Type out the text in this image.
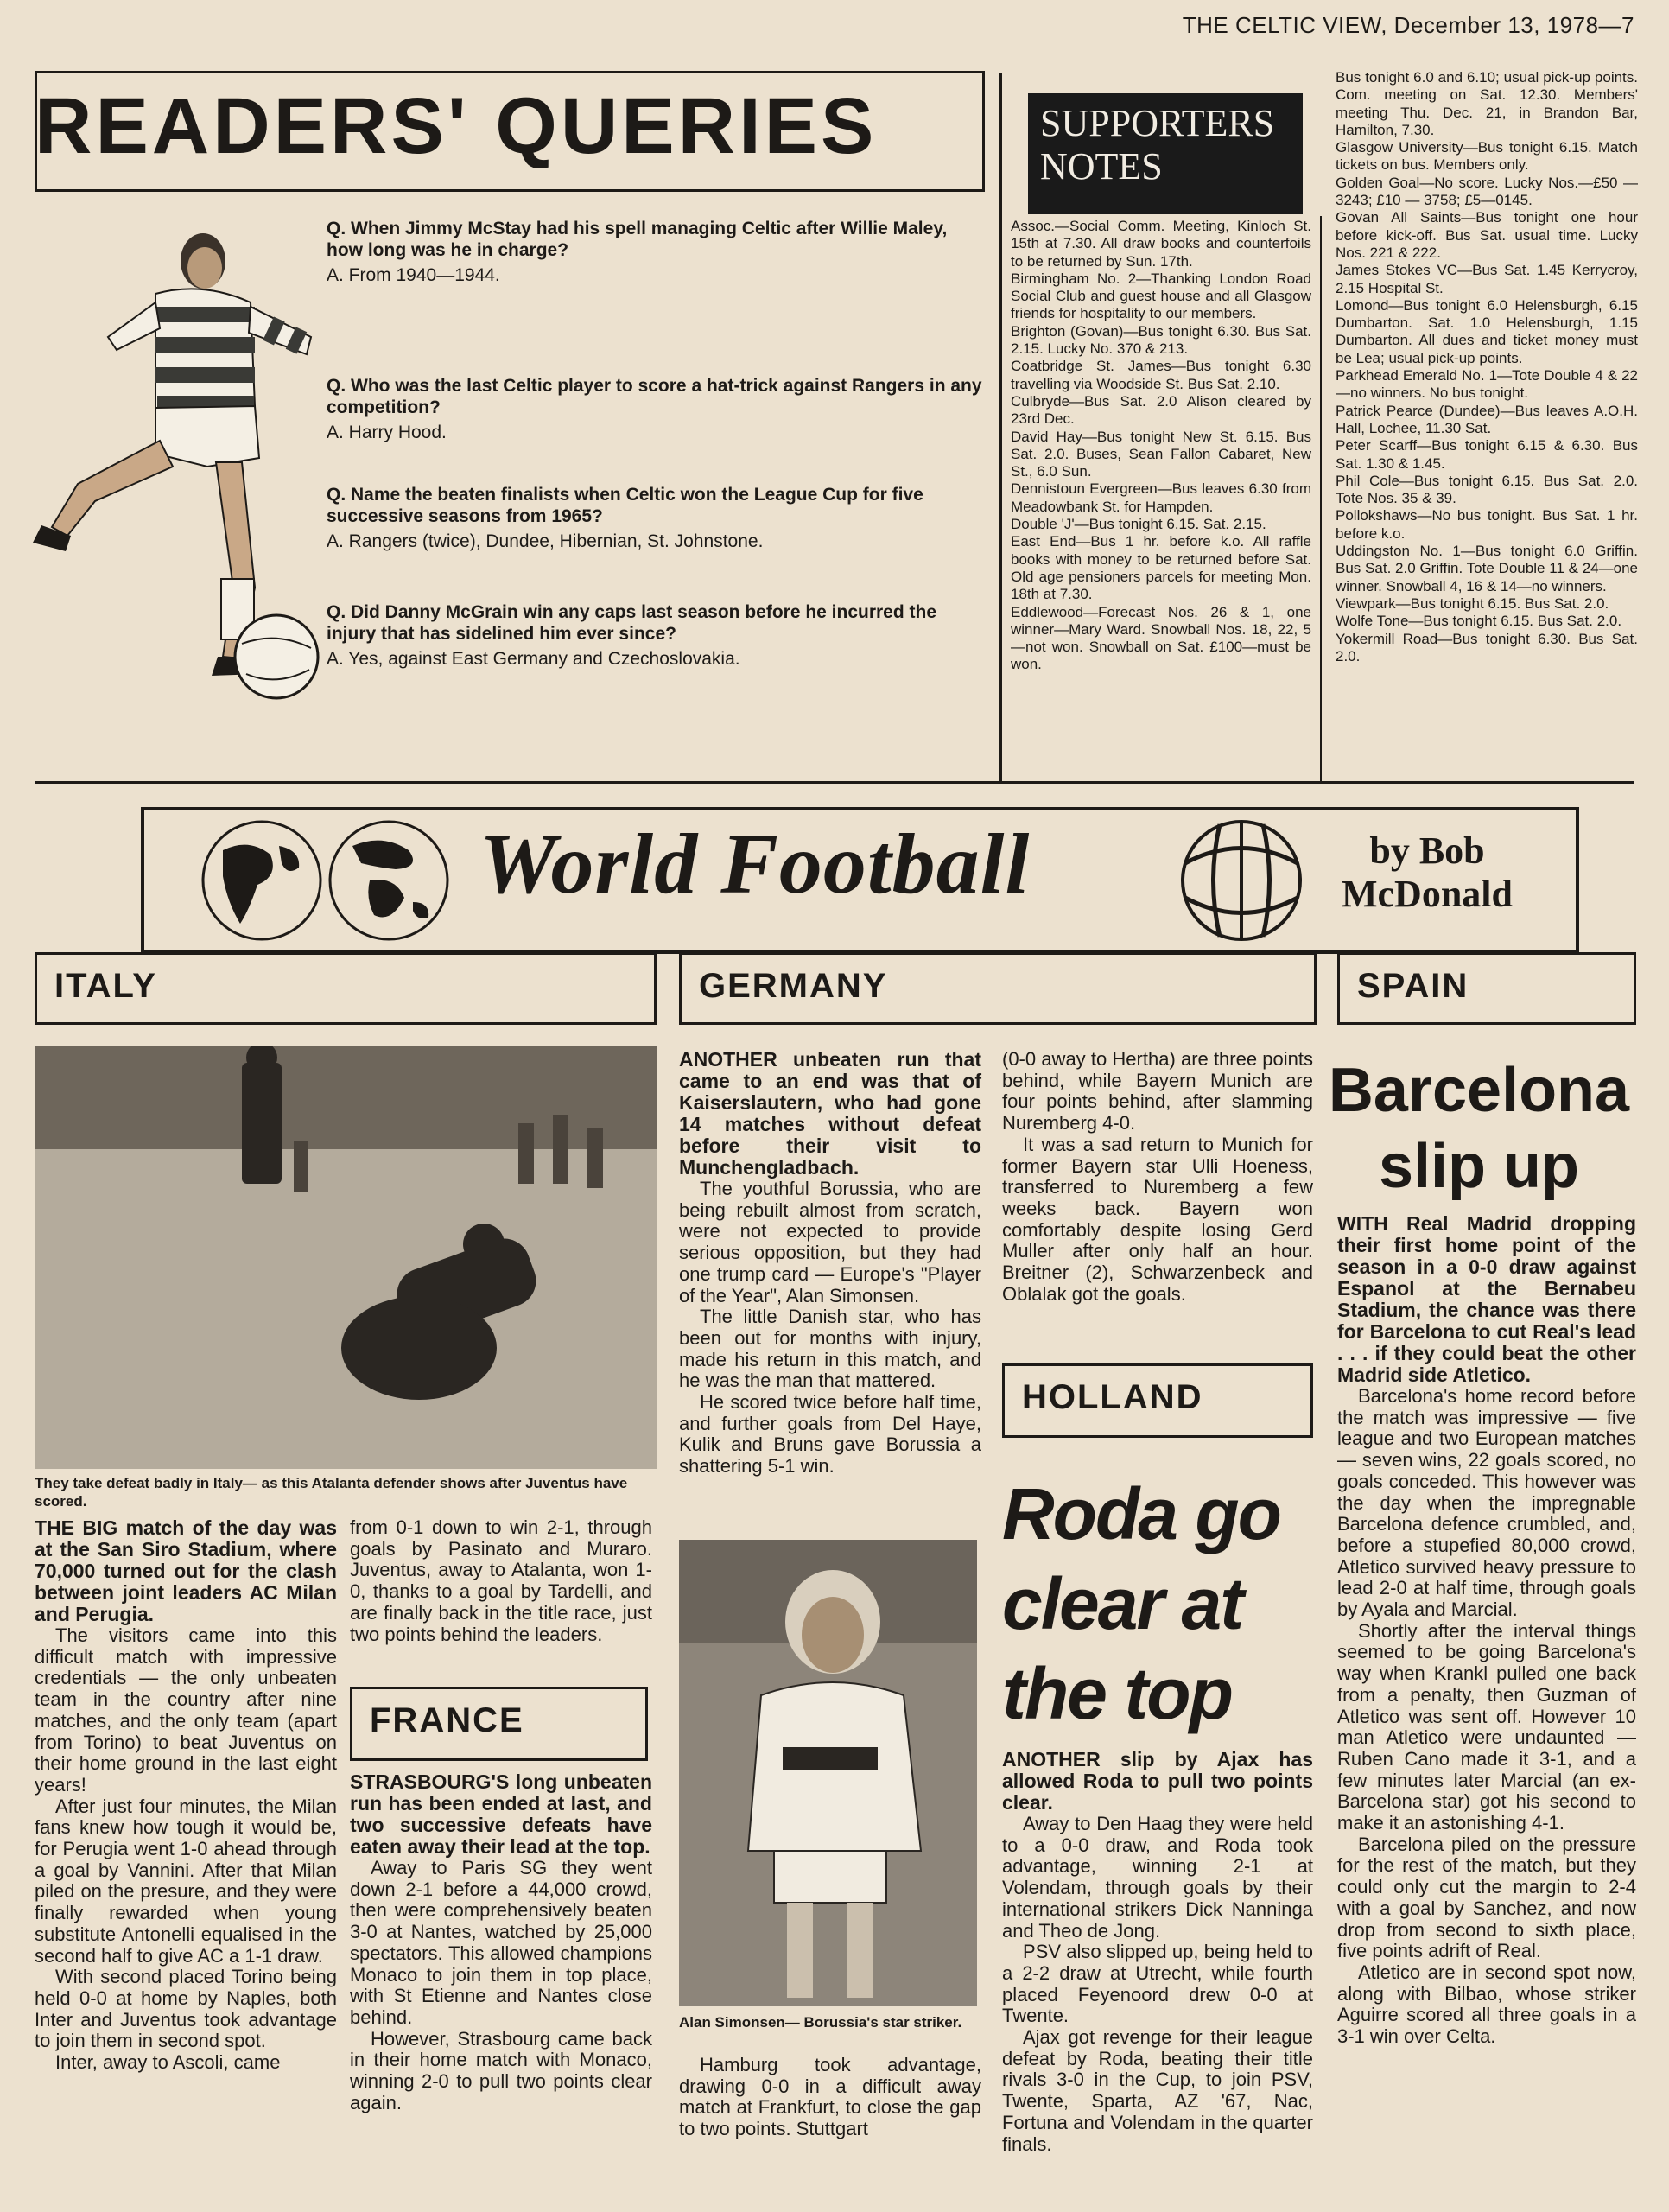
THE CELTIC VIEW, December 13, 1978—7
READERS' QUERIES
Q. When Jimmy McStay had his spell managing Celtic after Willie Maley, how long was he in charge?
A. From 1940—1944.
Q. Who was the last Celtic player to score a hat-trick against Rangers in any competition?
A. Harry Hood.
Q. Name the beaten finalists when Celtic won the League Cup for five successive seasons from 1965?
A. Rangers (twice), Dundee, Hibernian, St. Johnstone.
Q. Did Danny McGrain win any caps last season before he incurred the injury that has sidelined him ever since?
A. Yes, against East Germany and Czechoslovakia.
SUPPORTERS
NOTES

Assoc.—Social Comm. Meeting, Kinloch St. 15th at 7.30. All draw books and counterfoils to be returned by Sun. 17th.

Birmingham No. 2—Thanking London Road Social Club and guest house and all Glasgow friends for hospitality to our members.

Brighton (Govan)—Bus tonight 6.30. Bus Sat. 2.15. Lucky No. 370 & 213.

Coatbridge St. James—Bus tonight 6.30 travelling via Woodside St. Bus Sat. 2.10.

Culbryde—Bus Sat. 2.0 Alison cleared by 23rd Dec.

David Hay—Bus tonight New St. 6.15. Bus Sat. 2.0. Buses, Sean Fallon Cabaret, New St., 6.0 Sun.

Dennistoun Evergreen—Bus leaves 6.30 from Meadowbank St. for Hampden.

Double 'J'—Bus tonight 6.15. Sat. 2.15.

East End—Bus 1 hr. before k.o. All raffle books with money to be returned before Sat. Old age pensioners parcels for meeting Mon. 18th at 7.30.

Eddlewood—Forecast Nos. 26 & 1, one winner—Mary Ward. Snowball Nos. 18, 22, 5—not won. Snowball on Sat. £100—must be won.

Bus tonight 6.0 and 6.10; usual pick-up points. Com. meeting on Sat. 12.30. Members' meeting Thu. Dec. 21, in Brandon Bar, Hamilton, 7.30.

Glasgow University—Bus tonight 6.15. Match tickets on bus. Members only.

Golden Goal—No score. Lucky Nos.—£50 — 3243; £10 — 3758; £5—0145.

Govan All Saints—Bus tonight one hour before kick-off. Bus Sat. usual time. Lucky Nos. 221 & 222.

James Stokes VC—Bus Sat. 1.45 Kerrycroy, 2.15 Hospital St.

Lomond—Bus tonight 6.0 Helensburgh, 6.15 Dumbarton. Sat. 1.0 Helensburgh, 1.15 Dumbarton. All dues and ticket money must be Lea; usual pick-up points.

Parkhead Emerald No. 1—Tote Double 4 & 22—no winners. No bus tonight.

Patrick Pearce (Dundee)—Bus leaves A.O.H. Hall, Lochee, 11.30 Sat.

Peter Scarff—Bus tonight 6.15 & 6.30. Bus Sat. 1.30 & 1.45.

Phil Cole—Bus tonight 6.15. Bus Sat. 2.0. Tote Nos. 35 & 39.

Pollokshaws—No bus tonight. Bus Sat. 1 hr. before k.o.

Uddingston No. 1—Bus tonight 6.0 Griffin. Bus Sat. 2.0 Griffin. Tote Double 11 & 24—one winner. Snowball 4, 16 & 14—no winners.

Viewpark—Bus tonight 6.15. Bus Sat. 2.0.

Wolfe Tone—Bus tonight 6.15. Bus Sat. 2.0.

Yokermill Road—Bus tonight 6.30. Bus Sat. 2.0.

World Football	by Bob
McDonald
ITALY
They take defeat badly in Italy— as this Atalanta defender shows after Juventus have scored.

THE BIG match of the day was at the San Siro Stadium, where 70,000 turned out for the clash between joint leaders AC Milan and Perugia.

The visitors came into this difficult match with impressive credentials — the only unbeaten team in the country after nine matches, and the only team (apart from Torino) to beat Juventus on their home ground in the last eight years!

After just four minutes, the Milan fans knew how tough it would be, for Perugia went 1-0 ahead through a goal by Vannini. After that Milan piled on the presure, and they were finally rewarded when young substitute Antonelli equalised in the second half to give AC a 1-1 draw.

With second placed Torino being held 0-0 at home by Naples, both Inter and Juventus took advantage to join them in second spot.

Inter, away to Ascoli, came

from 0-1 down to win 2-1, through goals by Pasinato and Muraro. Juventus, away to Atalanta, won 1-0, thanks to a goal by Tardelli, and are finally back in the title race, just two points behind the leaders.

FRANCE

STRASBOURG'S long unbeaten run has been ended at last, and two successive defeats have eaten away their lead at the top.

Away to Paris SG they went down 2-1 before a 44,000 crowd, then were comprehensively beaten 3-0 at Nantes, watched by 25,000 spectators. This allowed champions Monaco to join them in top place, with St Etienne and Nantes close behind.

However, Strasbourg came back in their home match with Monaco, winning 2-0 to pull two points clear again.

GERMANY

ANOTHER unbeaten run that came to an end was that of Kaiserslautern, who had gone 14 matches without defeat before their visit to Munchengladbach.

The youthful Borussia, who are being rebuilt almost from scratch, were not expected to provide serious opposition, but they had one trump card — Europe's "Player of the Year", Alan Simonsen.

The little Danish star, who has been out for months with injury, made his return in this match, and he was the man that mattered.

He scored twice before half time, and further goals from Del Haye, Kulik and Bruns gave Borussia a shattering 5-1 win.

Alan Simonsen— Borussia's star striker.

Hamburg took advantage, drawing 0-0 in a difficult away match at Frankfurt, to close the gap to two points. Stuttgart

(0-0 away to Hertha) are three points behind, while Bayern Munich are four points behind, after slamming Nuremberg 4-0.

It was a sad return to Munich for former Bayern star Ulli Hoeness, transferred to Nuremberg a few weeks back. Bayern won comfortably despite losing Gerd Muller after only half an hour. Breitner (2), Schwarzenbeck and Oblalak got the goals.

HOLLAND
Roda go
clear at
the top

ANOTHER slip by Ajax has allowed Roda to pull two points clear.

Away to Den Haag they were held to a 0-0 draw, and Roda took advantage, winning 2-1 at Volendam, through goals by their international strikers Dick Nanninga and Theo de Jong.

PSV also slipped up, being held to a 2-2 draw at Utrecht, while fourth placed Feyenoord drew 0-0 at Twente.

Ajax got revenge for their league defeat by Roda, beating their title rivals 3-0 in the Cup, to join PSV, Twente, Sparta, AZ '67, Nac, Fortuna and Volendam in the quarter finals.

SPAIN
Barcelona
slip up

WITH Real Madrid dropping their first home point of the season in a 0-0 draw against Espanol at the Bernabeu Stadium, the chance was there for Barcelona to cut Real's lead . . . if they could beat the other Madrid side Atletico.

Barcelona's home record before the match was impressive — five league and two European matches — seven wins, 22 goals scored, no goals conceded. This however was the day when the impregnable Barcelona defence crumbled, and, before a stupefied 80,000 crowd, Atletico survived heavy pressure to lead 2-0 at half time, through goals by Ayala and Marcial.

Shortly after the interval things seemed to be going Barcelona's way when Krankl pulled one back from a penalty, then Guzman of Atletico was sent off. However 10 man Atletico were undaunted — Ruben Cano made it 3-1, and a few minutes later Marcial (an ex-Barcelona star) got his second to make it an astonishing 4-1.

Barcelona piled on the pressure for the rest of the match, but they could only cut the margin to 2-4 with a goal by Sanchez, and now drop from second to sixth place, five points adrift of Real.

Atletico are in second spot now, along with Bilbao, whose striker Aguirre scored all three goals in a 3-1 win over Celta.
